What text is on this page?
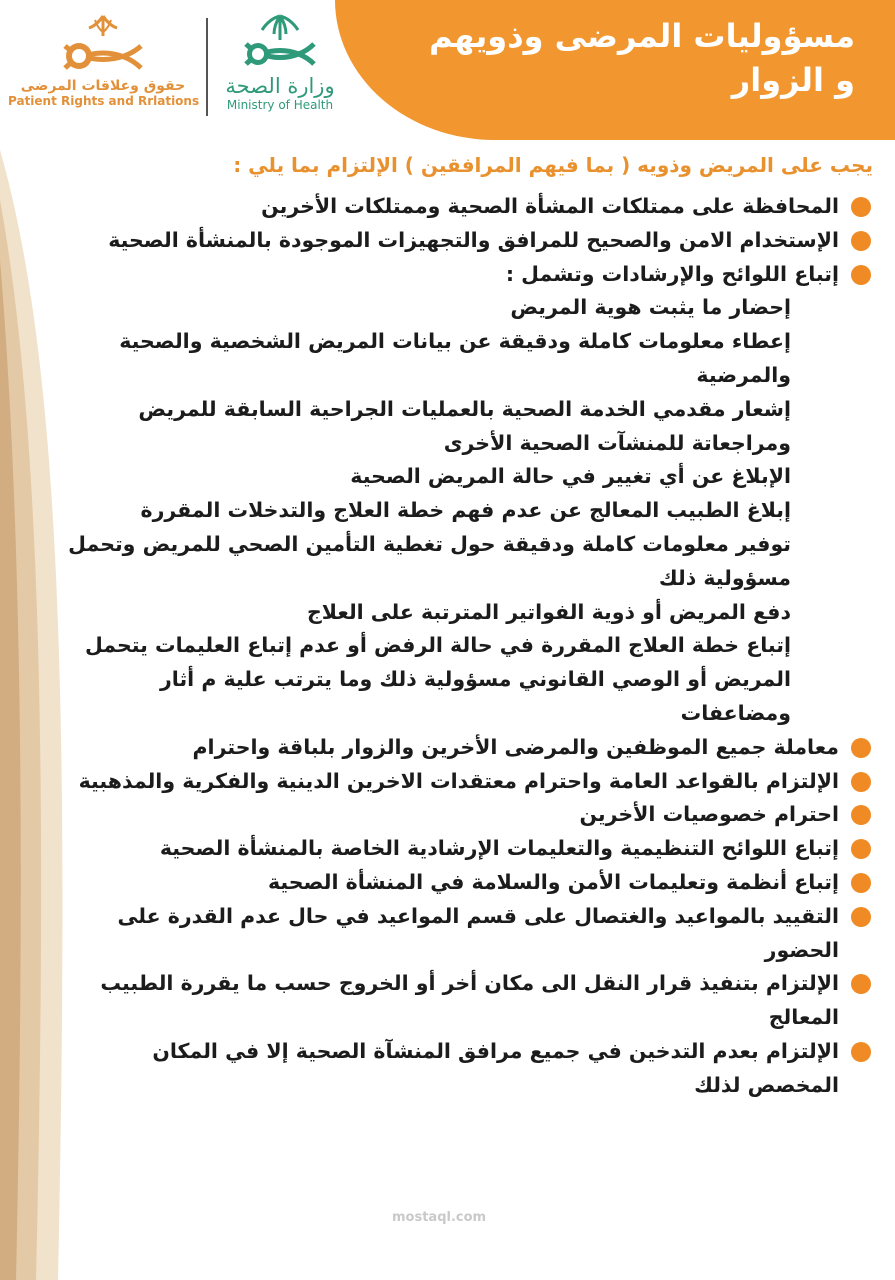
مسؤوليات المرضى وذويهم
و الزوار
حقوق وعلاقات المرضى
Patient Rights and Rrlations
وزارة الصحة
Ministry of Health

يجب على المريض وذويه ( بما فيهم المرافقين ) الإلتزام بما يلي :

المحافظة على ممتلكات المشأة الصحية وممتلكات الأخرين
الإستخدام الامن والصحيح للمرافق والتجهيزات الموجودة بالمنشأة الصحية
إتباع اللوائح والإرشادات وتشمل :
إحضار ما يثبت هوية المريض
إعطاء معلومات كاملة ودقيقة عن بيانات المريض الشخصية والصحية والمرضية
إشعار مقدمي الخدمة الصحية بالعمليات الجراحية السابقة للمريض ومراجعاتة للمنشآت الصحية الأخرى
الإبلاغ عن أي تغيير في حالة المريض الصحية
إبلاغ الطبيب المعالج عن عدم فهم خطة العلاج والتدخلات المقررة
توفير معلومات كاملة ودقيقة حول تغطية التأمين الصحي للمريض وتحمل مسؤولية ذلك
دفع المريض أو ذوية الفواتير المترتبة على العلاج
إتباع خطة العلاج المقررة في حالة الرفض أو عدم إتباع العليمات يتحمل المريض أو الوصي القانوني مسؤولية ذلك وما يترتب علية م أثار ومضاعفات
معاملة جميع الموظفين والمرضى الأخرين والزوار بلباقة واحترام
الإلتزام بالقواعد العامة واحترام معتقدات الاخرين الدينية والفكرية والمذهبية
احترام خصوصيات الأخرين
إتباع اللوائح التنظيمية والتعليمات الإرشادية الخاصة بالمنشأة الصحية
إتباع أنظمة وتعليمات الأمن والسلامة في المنشأة الصحية
التقييد بالمواعيد والغتصال على قسم المواعيد في حال عدم القدرة على الحضور
الإلتزام بتنفيذ قرار النقل الى مكان أخر أو الخروج حسب ما يقررة الطبيب المعالج
الإلتزام بعدم التدخين في جميع مرافق المنشآة الصحية إلا في المكان المخصص لذلك
mostaql.com
